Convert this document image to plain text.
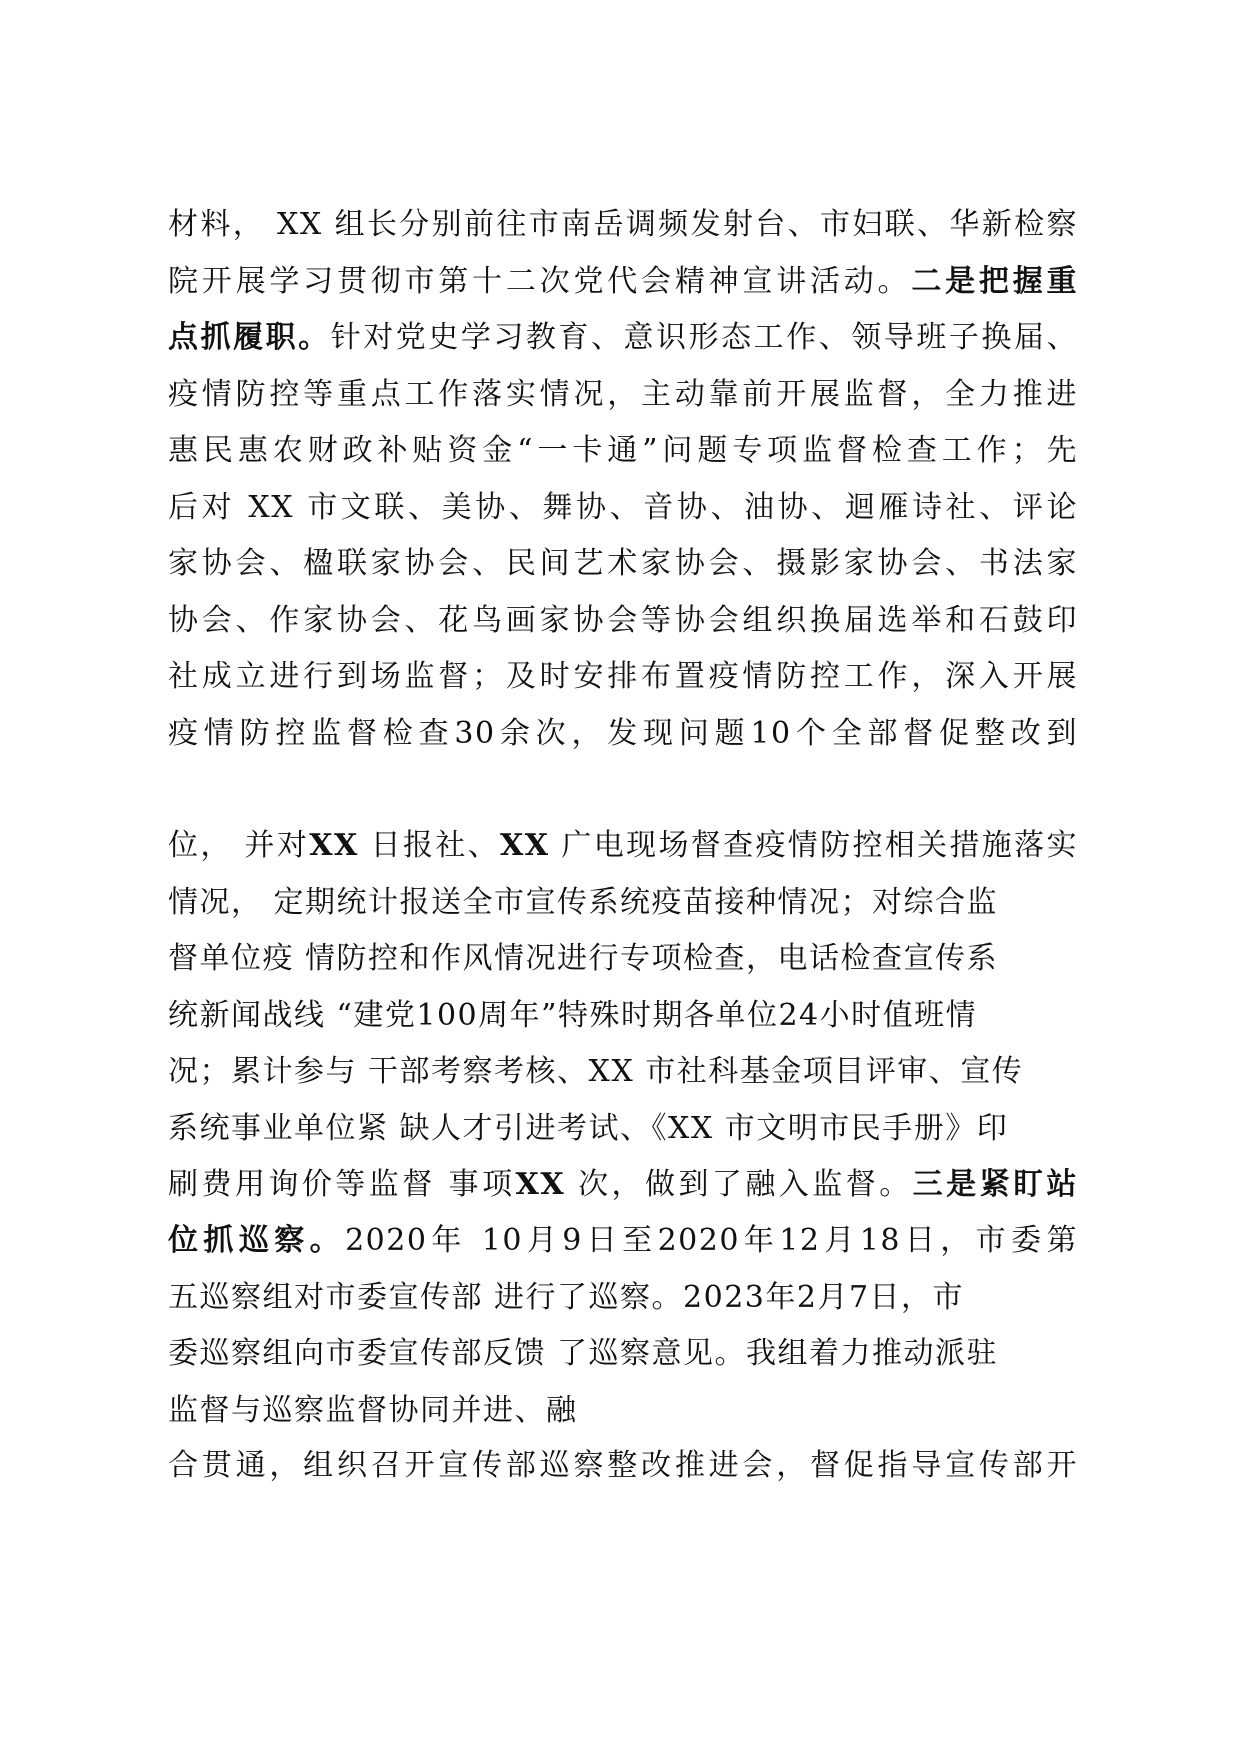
材料， XX 组长分别前往市南岳调频发射台、市妇联、华新检察
院开展学习贯彻市第十二次党代会精神宣讲活动。二是把握重
点抓履职。针对党史学习教育、意识形态工作、领导班子换届、
疫情防控等重点工作落实情况，主动靠前开展监督，全力推进
惠民惠农财政补贴资金“一卡通”问题专项监督检查工作；先
后对 XX 市文联、美协、舞协、音协、油协、迴雁诗社、评论
家协会、楹联家协会、民间艺术家协会、摄影家协会、书法家
协会、作家协会、花鸟画家协会等协会组织换届选举和石鼓印
社成立进行到场监督；及时安排布置疫情防控工作，深入开展
疫情防控监督检查30余次，发现问题10个全部督促整改到
位， 并对XX 日报社、XX 广电现场督查疫情防控相关措施落实
情况， 定期统计报送全市宣传系统疫苗接种情况；对综合监
督单位疫 情防控和作风情况进行专项检查，电话检查宣传系
统新闻战线 “建党100周年”特殊时期各单位24小时值班情
况；累计参与 干部考察考核、XX 市社科基金项目评审、宣传
系统事业单位紧 缺人才引进考试、《XX 市文明市民手册》印
刷费用询价等监督 事项XX 次，做到了融入监督。三是紧盯站
位抓巡察。2020年 10月9日至2020年12月18日，市委第
五巡察组对市委宣传部 进行了巡察。2023年2月7日，市
委巡察组向市委宣传部反馈 了巡察意见。我组着力推动派驻
监督与巡察监督协同并进、融
合贯通，组织召开宣传部巡察整改推进会，督促指导宣传部开
